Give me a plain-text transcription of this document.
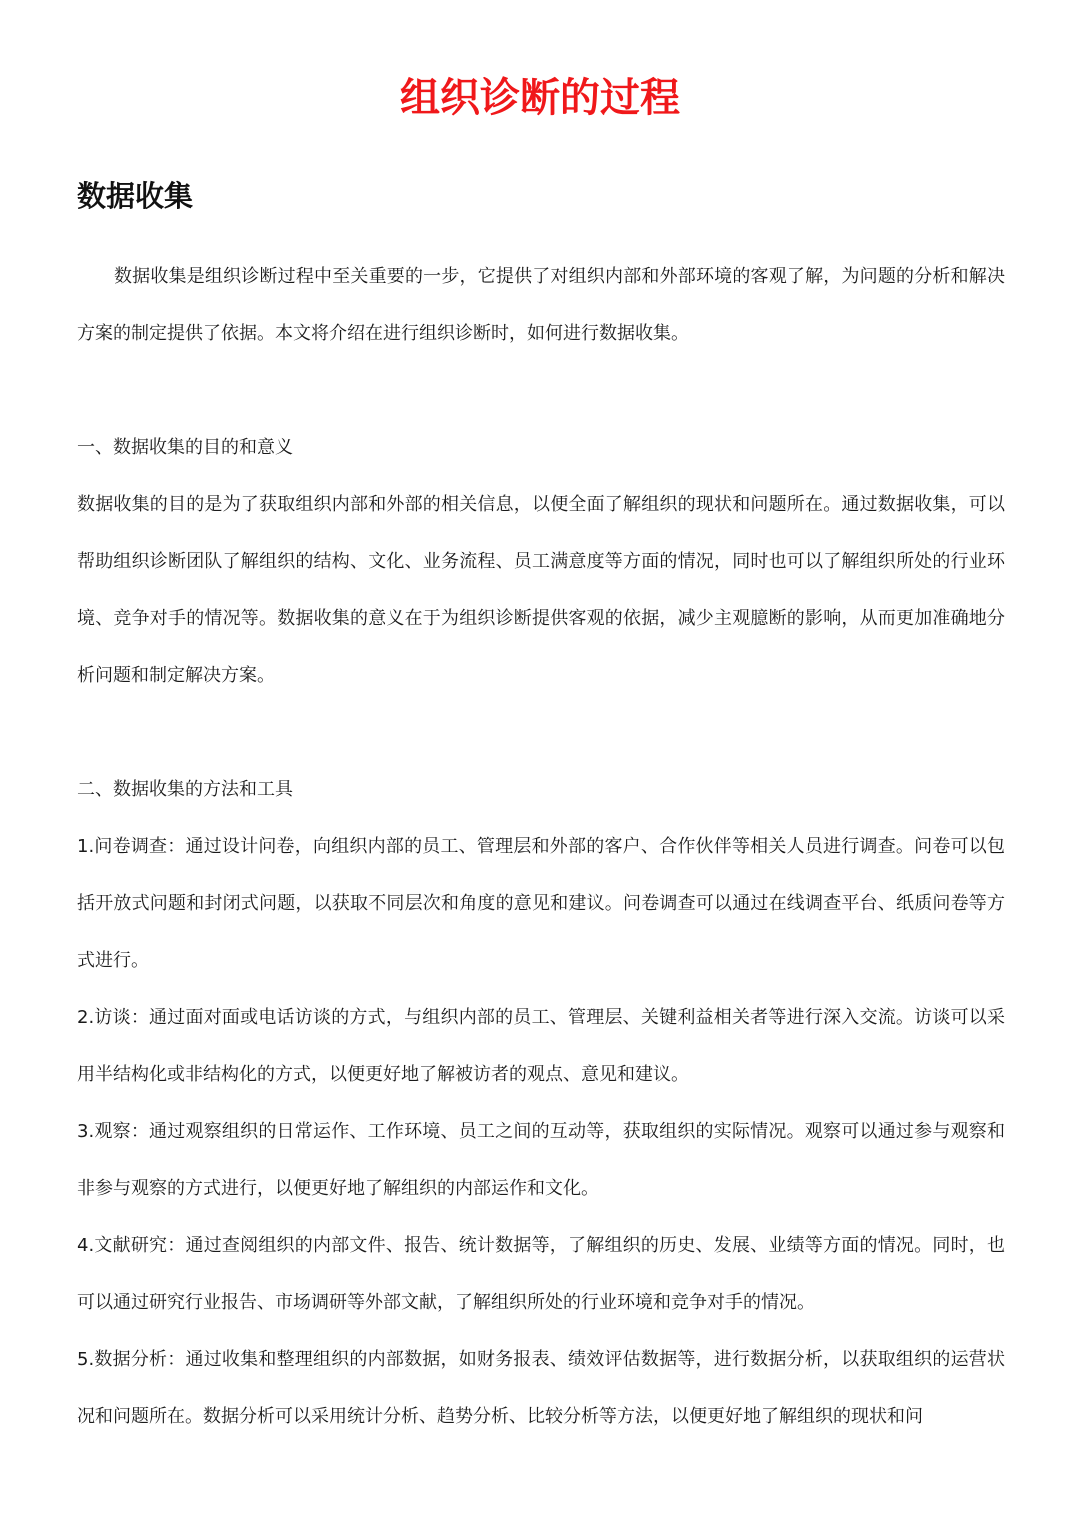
组织诊断的过程
数据收集

数据收集是组织诊断过程中至关重要的一步，它提供了对组织内部和外部环境的客观了解，为问题的分析和解决方案的制定提供了依据。本文将介绍在进行组织诊断时，如何进行数据收集。

一、数据收集的目的和意义

数据收集的目的是为了获取组织内部和外部的相关信息，以便全面了解组织的现状和问题所在。通过数据收集，可以帮助组织诊断团队了解组织的结构、文化、业务流程、员工满意度等方面的情况，同时也可以了解组织所处的行业环境、竞争对手的情况等。数据收集的意义在于为组织诊断提供客观的依据，减少主观臆断的影响，从而更加准确地分析问题和制定解决方案。

二、数据收集的方法和工具

1.问卷调查：通过设计问卷，向组织内部的员工、管理层和外部的客户、合作伙伴等相关人员进行调查。问卷可以包括开放式问题和封闭式问题，以获取不同层次和角度的意见和建议。问卷调查可以通过在线调查平台、纸质问卷等方式进行。

2.访谈：通过面对面或电话访谈的方式，与组织内部的员工、管理层、关键利益相关者等进行深入交流。访谈可以采用半结构化或非结构化的方式，以便更好地了解被访者的观点、意见和建议。

3.观察：通过观察组织的日常运作、工作环境、员工之间的互动等，获取组织的实际情况。观察可以通过参与观察和非参与观察的方式进行，以便更好地了解组织的内部运作和文化。

4.文献研究：通过查阅组织的内部文件、报告、统计数据等，了解组织的历史、发展、业绩等方面的情况。同时，也可以通过研究行业报告、市场调研等外部文献，了解组织所处的行业环境和竞争对手的情况。

5.数据分析：通过收集和整理组织的内部数据，如财务报表、绩效评估数据等，进行数据分析，以获取组织的运营状况和问题所在。数据分析可以采用统计分析、趋势分析、比较分析等方法，以便更好地了解组织的现状和问
